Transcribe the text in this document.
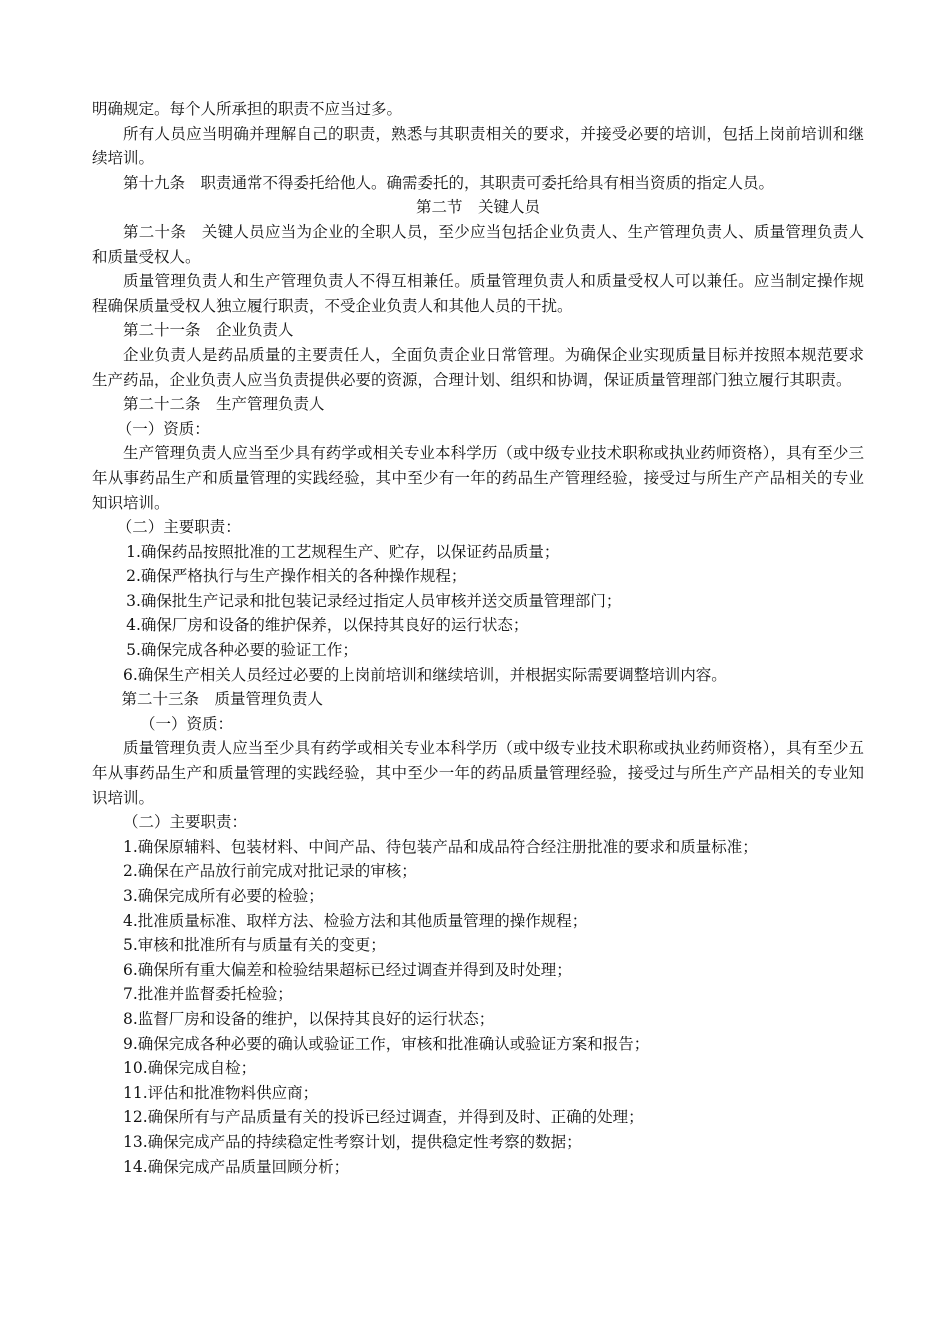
明确规定。每个人所承担的职责不应当过多。

所有人员应当明确并理解自己的职责，熟悉与其职责相关的要求，并接受必要的培训，包括上岗前培训和继续培训。

第十九条　职责通常不得委托给他人。确需委托的，其职责可委托给具有相当资质的指定人员。

第二节　关键人员

第二十条　关键人员应当为企业的全职人员，至少应当包括企业负责人、生产管理负责人、质量管理负责人和质量受权人。

质量管理负责人和生产管理负责人不得互相兼任。质量管理负责人和质量受权人可以兼任。应当制定操作规程确保质量受权人独立履行职责，不受企业负责人和其他人员的干扰。

第二十一条　企业负责人

企业负责人是药品质量的主要责任人，全面负责企业日常管理。为确保企业实现质量目标并按照本规范要求生产药品，企业负责人应当负责提供必要的资源，合理计划、组织和协调，保证质量管理部门独立履行其职责。

第二十二条　生产管理负责人

（一）资质：

生产管理负责人应当至少具有药学或相关专业本科学历（或中级专业技术职称或执业药师资格），具有至少三年从事药品生产和质量管理的实践经验，其中至少有一年的药品生产管理经验，接受过与所生产产品相关的专业知识培训。

（二）主要职责：

1.确保药品按照批准的工艺规程生产、贮存，以保证药品质量；

2.确保严格执行与生产操作相关的各种操作规程；

3.确保批生产记录和批包装记录经过指定人员审核并送交质量管理部门；

4.确保厂房和设备的维护保养，以保持其良好的运行状态；

5.确保完成各种必要的验证工作；

6.确保生产相关人员经过必要的上岗前培训和继续培训，并根据实际需要调整培训内容。

第二十三条　质量管理负责人

（一）资质：

质量管理负责人应当至少具有药学或相关专业本科学历（或中级专业技术职称或执业药师资格），具有至少五年从事药品生产和质量管理的实践经验，其中至少一年的药品质量管理经验，接受过与所生产产品相关的专业知识培训。

（二）主要职责：

1.确保原辅料、包装材料、中间产品、待包装产品和成品符合经注册批准的要求和质量标准；

2.确保在产品放行前完成对批记录的审核；

3.确保完成所有必要的检验；

4.批准质量标准、取样方法、检验方法和其他质量管理的操作规程；

5.审核和批准所有与质量有关的变更；

6.确保所有重大偏差和检验结果超标已经过调查并得到及时处理；

7.批准并监督委托检验；

8.监督厂房和设备的维护，以保持其良好的运行状态；

9.确保完成各种必要的确认或验证工作，审核和批准确认或验证方案和报告；

10.确保完成自检；

11.评估和批准物料供应商；

12.确保所有与产品质量有关的投诉已经过调查，并得到及时、正确的处理；

13.确保完成产品的持续稳定性考察计划，提供稳定性考察的数据；

14.确保完成产品质量回顾分析；
